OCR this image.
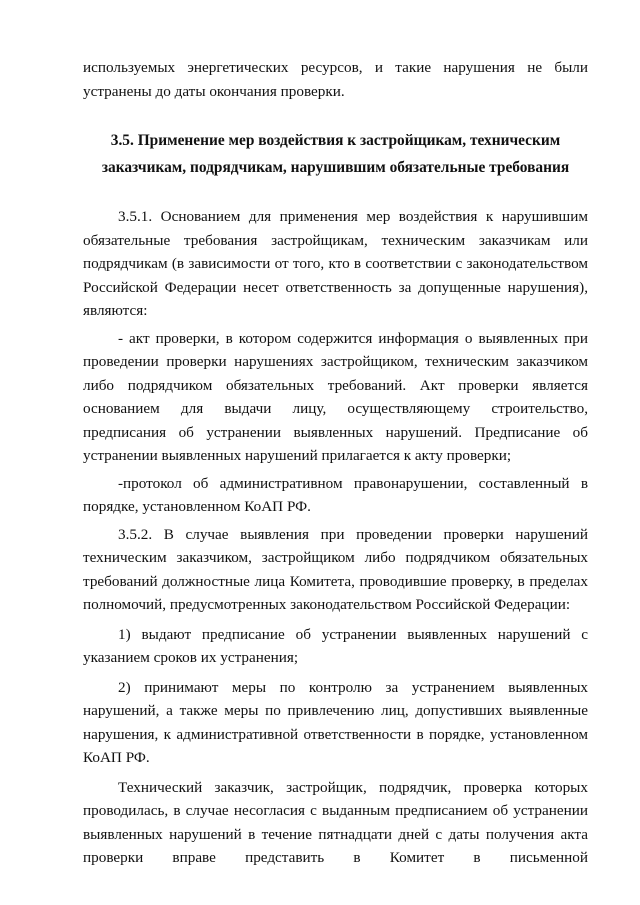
используемых энергетических ресурсов, и такие нарушения не были устранены до даты окончания проверки.

3.5. Применение мер воздействия к застройщикам, техническим заказчикам, подрядчикам, нарушившим обязательные требования

3.5.1. Основанием для применения мер воздействия к нарушившим обязательные требования застройщикам, техническим заказчикам или подрядчикам (в зависимости от того, кто в соответствии с законодательством Российской Федерации несет ответственность за допущенные нарушения), являются:

- акт проверки, в котором содержится информация о выявленных при проведении проверки нарушениях застройщиком, техническим заказчиком либо подрядчиком обязательных требований. Акт проверки является основанием для выдачи лицу, осуществляющему строительство, предписания об устранении выявленных нарушений. Предписание об устранении выявленных нарушений прилагается к акту проверки;

-протокол об административном правонарушении, составленный в порядке, установленном КоАП РФ.

3.5.2. В случае выявления при проведении проверки нарушений техническим заказчиком, застройщиком либо подрядчиком обязательных требований должностные лица Комитета, проводившие проверку, в пределах полномочий, предусмотренных законодательством Российской Федерации:

1) выдают предписание об устранении выявленных нарушений с указанием сроков их устранения;

2) принимают меры по контролю за устранением выявленных нарушений, а также меры по привлечению лиц, допустивших выявленные нарушения, к административной ответственности в порядке, установленном КоАП РФ.

Технический заказчик, застройщик, подрядчик, проверка которых проводилась, в случае несогласия с выданным предписанием об устранении выявленных нарушений в течение пятнадцати дней с даты получения акта проверки вправе представить в Комитет в письменной
